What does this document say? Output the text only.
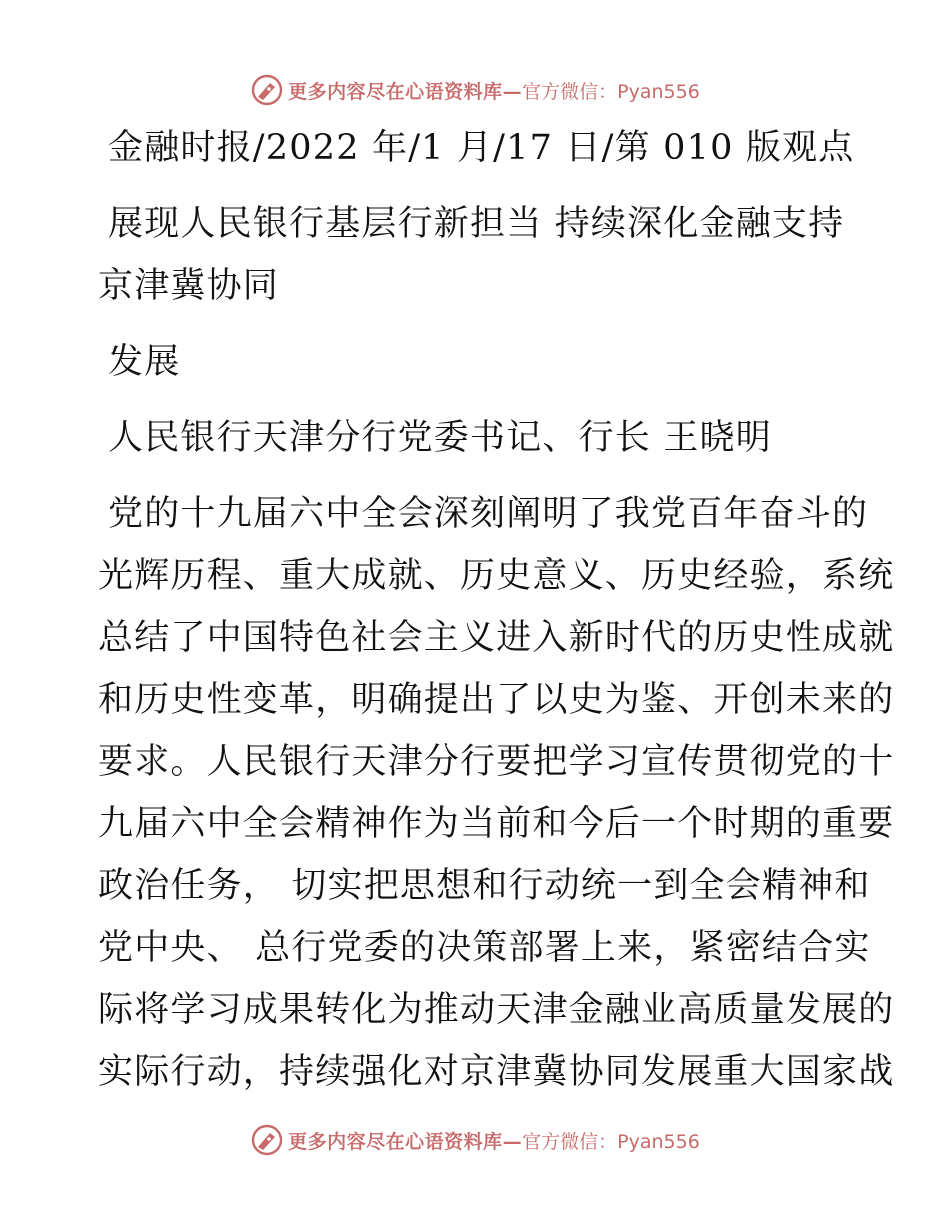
更多内容尽在心语资料库— 官方微信：Pyan556
金融时报/2022 年/1 月/17 日/第 010 版观点
展现人民银行基层行新担当 持续深化金融支持
京津冀协同
发展
人民银行天津分行党委书记、行长 王晓明
党的十九届六中全会深刻阐明了我党百年奋斗的
光辉历程、重大成就、历史意义、历史经验，系统
总结了中国特色社会主义进入新时代的历史性成就
和历史性变革，明确提出了以史为鉴、开创未来的
要求。人民银行天津分行要把学习宣传贯彻党的十
九届六中全会精神作为当前和今后一个时期的重要
政治任务， 切实把思想和行动统一到全会精神和
党中央、 总行党委的决策部署上来，紧密结合实
际将学习成果转化为推动天津金融业高质量发展的
实际行动，持续强化对京津冀协同发展重大国家战
更多内容尽在心语资料库— 官方微信：Pyan556
